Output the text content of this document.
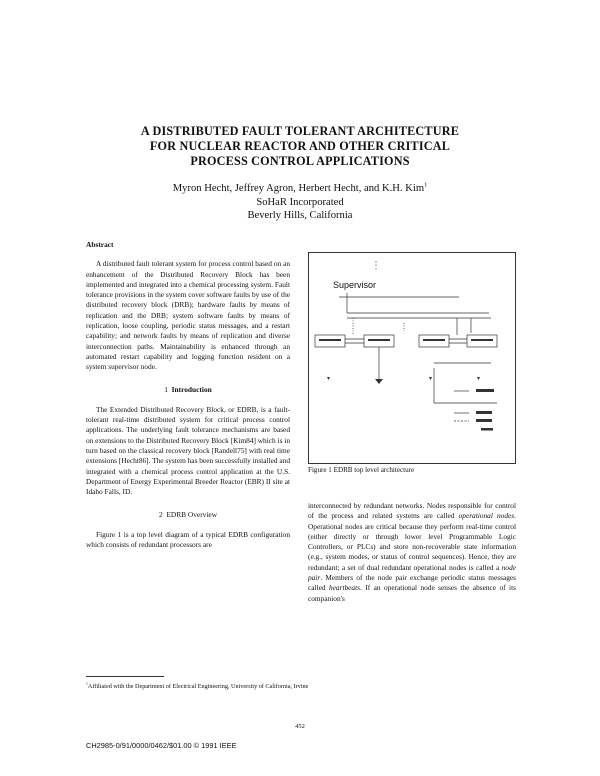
A DISTRIBUTED FAULT TOLERANT ARCHITECTURE
FOR NUCLEAR REACTOR AND OTHER CRITICAL
PROCESS CONTROL APPLICATIONS
Myron Hecht, Jeffrey Agron, Herbert Hecht, and K.H. Kim$^1$
SoHaR Incorporated
Beverly Hills, California
Abstract

A distributed fault tolerant system for process control based on an enhancement of the Distributed Recovery Block has been implemented and integrated into a chemical processing system. Fault tolerance provisions in the system cover software faults by use of the distributed recovery block (DRB); hardware faults by means of replication and the DRB; system software faults by means of replication, loose coupling, periodic status messages, and a restart capability; and network faults by means of replication and diverse interconnection paths. Maintainability is enhanced through an automated restart capability and logging function resident on a system supervisor node.

1 Introduction

The Extended Distributed Recovery Block, or EDRB, is a fault-tolerant real-time distributed system for critical process control applications. The underlying fault tolerance mechanisms are based on extensions to the Distributed Recovery Block [Kim84] which is in turn based on the classical recovery block [Randell75] with real time extensions [Hecht86]. The system has been successfully installed and integrated with a chemical process control application at the U.S. Department of Energy Experimental Breeder Reactor (EBR) II site at Idaho Falls, ID.

2 EDRB Overview

Figure 1 is a top level diagram of a typical EDRB configuration which consists of redundant processors are

Supervisor
Figure 1 EDRB top level architecture

interconnected by redundant networks. Nodes responsible for control of the process and related systems are called operational nodes. Operational nodes are critical because they perform real-time control (either directly or through lower level Programmable Logic Controllers, or PLCs) and store non-recoverable state information (e.g., system modes, or status of control sequences). Hence, they are redundant; a set of dual redundant operational nodes is called a node pair. Members of the node pair exchange periodic status messages called heartbeats. If an operational node senses the absence of its companion's

$^1$Affiliated with the Department of Electrical Engineering, University of California, Irvine
452
CH2985-0/91/0000/0462/$01.00 © 1991 IEEE
